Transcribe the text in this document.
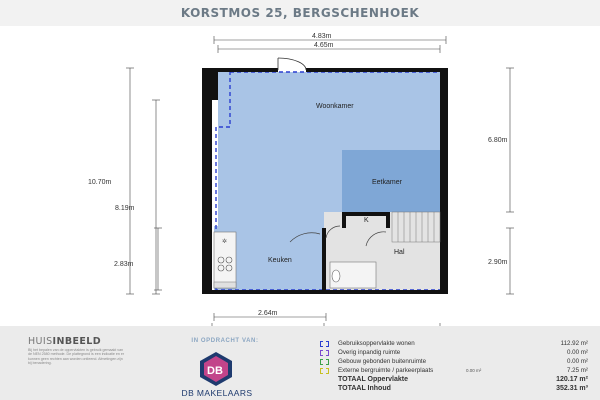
KORSTMOS 25, BERGSCHENHOEK
✲
Woonkamer
Eetkamer
Keuken
Hal
K
4.83m
4.65m
10.70m
8.19m
2.83m
6.80m
2.90m
2.64m
HUISINBEELD
Bij het bepalen van de oppervlakten is gebruik gemaakt van de NEN 2580 methode. De plattegrond is een indicatie en er kunnen geen rechten aan worden ontleend. Afmetingen zijn bij benadering.
IN OPDRACHT VAN:
DB
DB MAKELAARS
Gebruiksoppervlakte wonen	112.92 m²
Overig inpandig ruimte	0.00 m²
Gebouw gebonden buitenruimte	0.00 m²
Externe bergruimte / parkeerplaats	0.00 m²	7.25 m²
TOTAAL Oppervlakte	120.17 m²
TOTAAL Inhoud	352.31 m³
